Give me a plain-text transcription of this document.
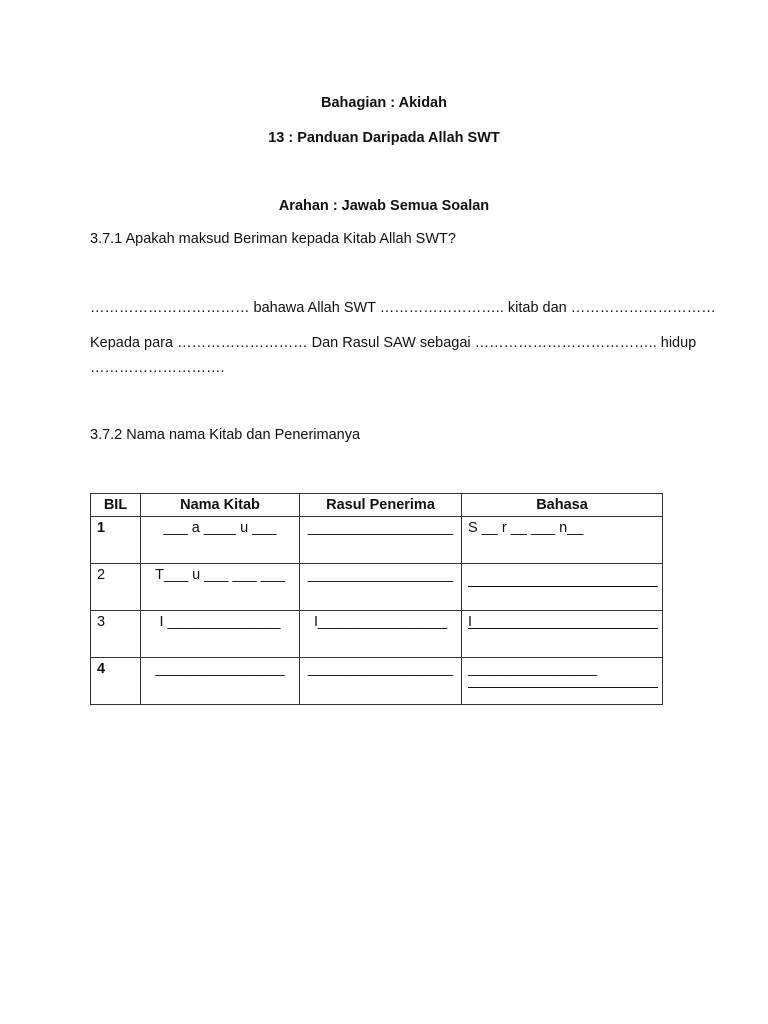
Bahagian : Akidah
13 : Panduan Daripada Allah SWT
Arahan : Jawab Semua Soalan
3.7.1 Apakah maksud Beriman kepada Kitab Allah SWT?
…………………………… bahawa Allah SWT …………………….. kitab dan …………………………
Kepada para ……………………… Dan Rasul SAW sebagai ……………………………….. hidup
……………………….
3.7.2 Nama nama Kitab dan Penerimanya
BIL	Nama Kitab	Rasul Penerima	Bahasa

1	___ a ____ u ___	__________________	S __ r __ ___ n__

2	T___ u ___ ___ ___	__________________	

3	I ______________	I________________	I

4	________________	__________________	________________
